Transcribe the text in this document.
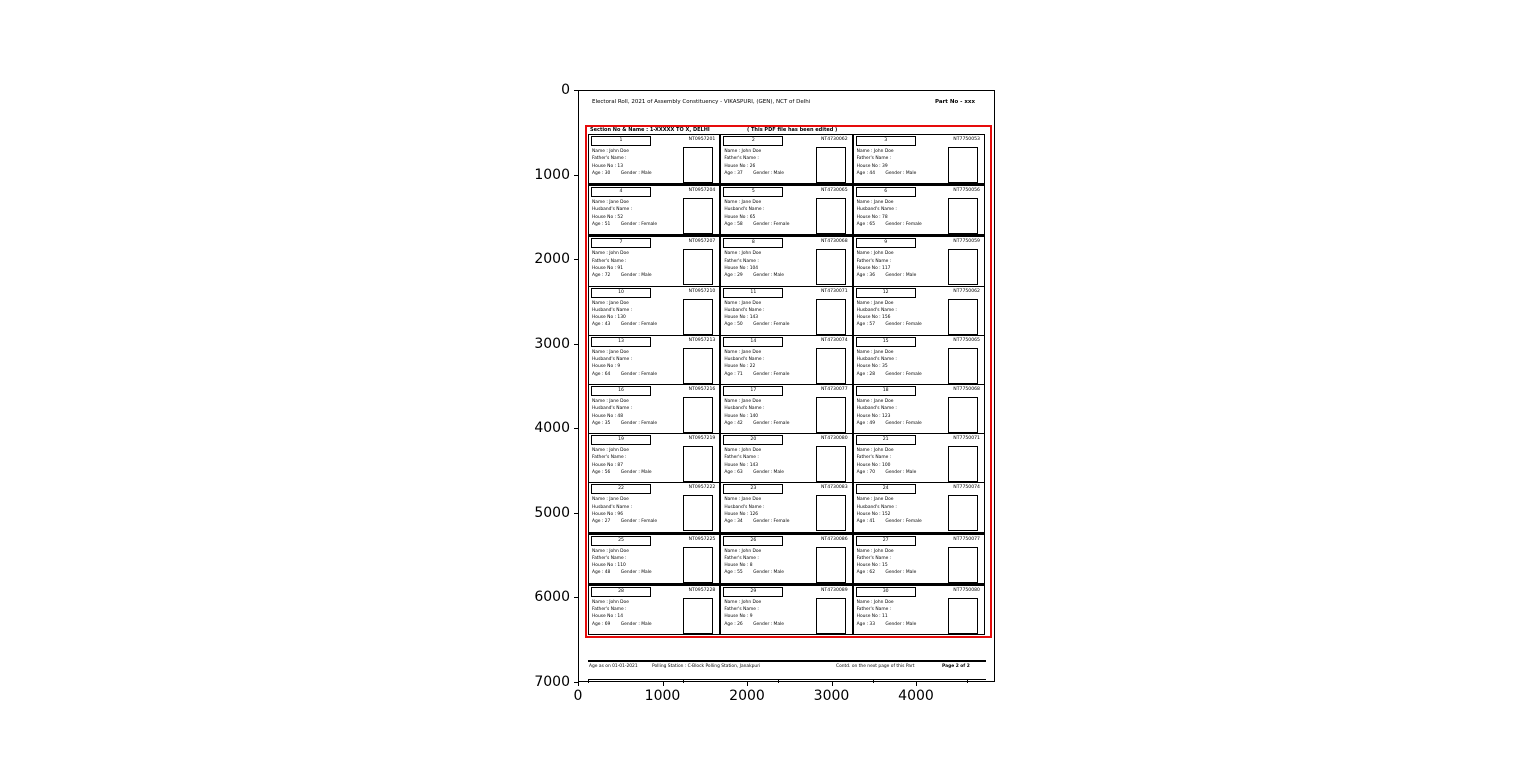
0
1000
2000
3000
4000
5000
6000
7000
0	1000	2000	3000	4000
Electoral Roll, 2021 of Assembly Constituency - VIKASPURI, (GEN), NCT of Delhi	Part No - xxx
Section No & Name : 1-XXXXX TO X, DELHI	( This PDF file has been edited )
1	NT0957201
Name : John Doe
Father's Name :
House No : 13
Age : 30 Gender : Male
2	NT4730062
Name : John Doe
Father's Name :
House No : 26
Age : 37 Gender : Male
3	NT7750053
Name : John Doe
Father's Name :
House No : 39
Age : 44 Gender : Male
4	NT0957204
Name : Jane Doe
Husband's Name :
House No : 52
Age : 51 Gender : Female
5	NT4730065
Name : Jane Doe
Husband's Name :
House No : 65
Age : 58 Gender : Female
6	NT7750056
Name : Jane Doe
Husband's Name :
House No : 78
Age : 65 Gender : Female
7	NT0957207
Name : John Doe
Father's Name :
House No : 91
Age : 72 Gender : Male
8	NT4730068
Name : John Doe
Father's Name :
House No : 104
Age : 29 Gender : Male
9	NT7750059
Name : John Doe
Father's Name :
House No : 117
Age : 36 Gender : Male
10	NT0957210
Name : Jane Doe
Husband's Name :
House No : 130
Age : 43 Gender : Female
11	NT4730071
Name : Jane Doe
Husband's Name :
House No : 143
Age : 50 Gender : Female
12	NT7750062
Name : Jane Doe
Husband's Name :
House No : 156
Age : 57 Gender : Female
13	NT0957213
Name : Jane Doe
Husband's Name :
House No : 9
Age : 64 Gender : Female
14	NT4730074
Name : Jane Doe
Husband's Name :
House No : 22
Age : 71 Gender : Female
15	NT7750065
Name : Jane Doe
Husband's Name :
House No : 35
Age : 28 Gender : Female
16	NT0957216
Name : Jane Doe
Husband's Name :
House No : 48
Age : 35 Gender : Female
17	NT4730077
Name : Jane Doe
Husband's Name :
House No : 140
Age : 42 Gender : Female
18	NT7750068
Name : Jane Doe
Husband's Name :
House No : 123
Age : 49 Gender : Female
19	NT0957219
Name : John Doe
Father's Name :
House No : 87
Age : 56 Gender : Male
20	NT4730080
Name : John Doe
Father's Name :
House No : 143
Age : 63 Gender : Male
21	NT7750071
Name : John Doe
Father's Name :
House No : 100
Age : 70 Gender : Male
22	NT0957222
Name : Jane Doe
Husband's Name :
House No : 96
Age : 27 Gender : Female
23	NT4730083
Name : Jane Doe
Husband's Name :
House No : 126
Age : 34 Gender : Female
24	NT7750074
Name : Jane Doe
Husband's Name :
House No : 152
Age : 41 Gender : Female
25	NT0957225
Name : John Doe
Father's Name :
House No : 110
Age : 48 Gender : Male
26	NT4730086
Name : John Doe
Father's Name :
House No : 8
Age : 55 Gender : Male
27	NT7750077
Name : John Doe
Father's Name :
House No : 15
Age : 62 Gender : Male
28	NT0957228
Name : John Doe
Father's Name :
House No : 14
Age : 69 Gender : Male
29	NT4730089
Name : John Doe
Father's Name :
House No : 9
Age : 26 Gender : Male
30	NT7750080
Name : John Doe
Father's Name :
House No : 11
Age : 33 Gender : Male
Age as on 01-01-2021	Polling Station : C-Block Polling Station, Janakpuri	Contd. on the next page of this Part	Page 2 of 2
